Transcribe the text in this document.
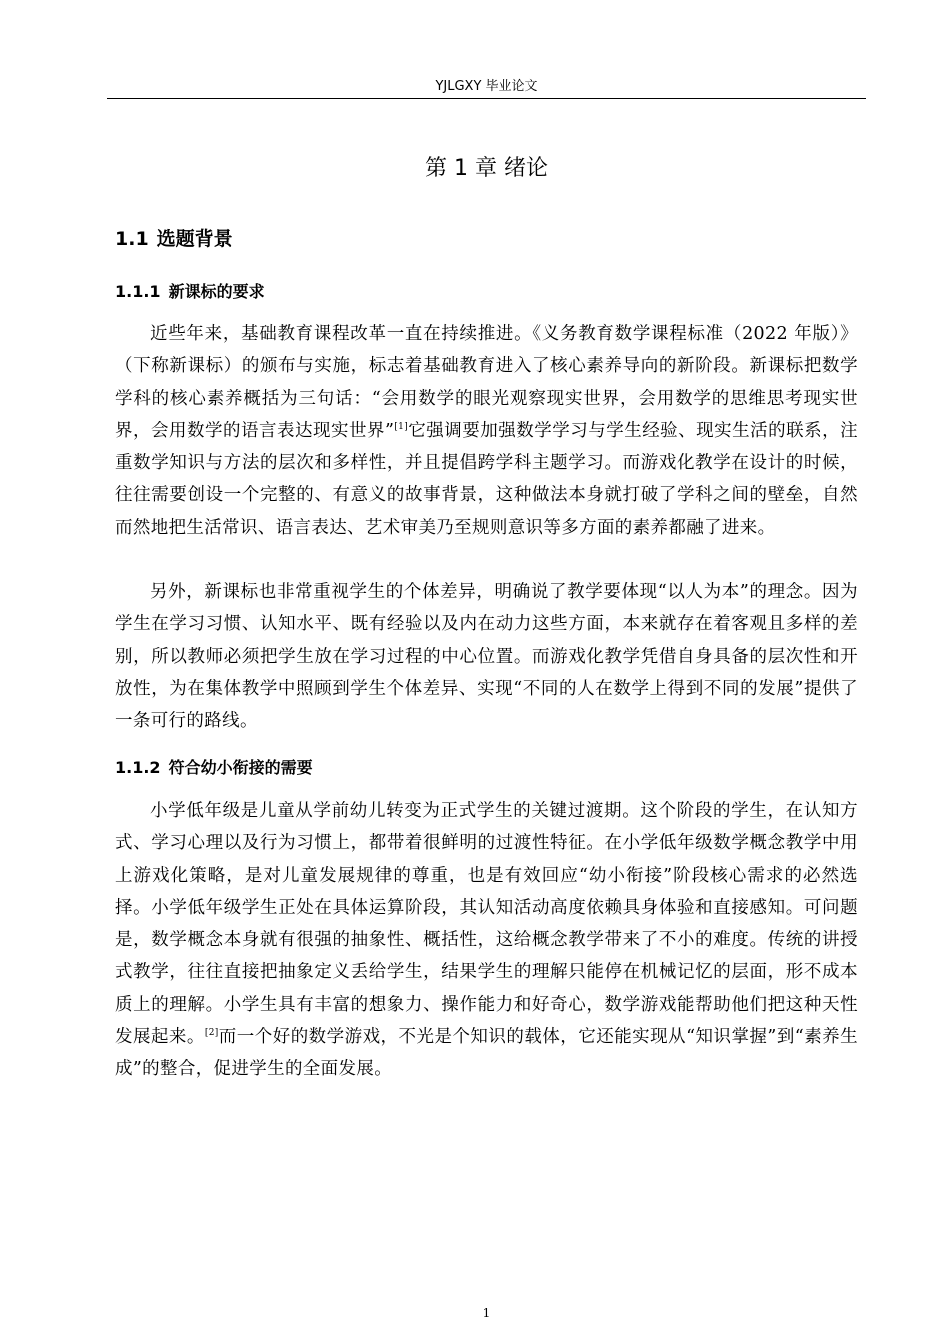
YJLGXY 毕业论文
第 1 章 绪论
1.1 选题背景
1.1.1 新课标的要求

近些年来，基础教育课程改革一直在持续推进。《义务教育数学课程标准（2022 年版）》（下称新课标）的颁布与实施，标志着基础教育进入了核心素养导向的新阶段。新课标把数学学科的核心素养概括为三句话：“会用数学的眼光观察现实世界，会用数学的思维思考现实世界，会用数学的语言表达现实世界”[1]它强调要加强数学学习与学生经验、现实生活的联系，注重数学知识与方法的层次和多样性，并且提倡跨学科主题学习。而游戏化教学在设计的时候，往往需要创设一个完整的、有意义的故事背景，这种做法本身就打破了学科之间的壁垒，自然而然地把生活常识、语言表达、艺术审美乃至规则意识等多方面的素养都融了进来。

另外，新课标也非常重视学生的个体差异，明确说了教学要体现“以人为本”的理念。因为学生在学习习惯、认知水平、既有经验以及内在动力这些方面，本来就存在着客观且多样的差别，所以教师必须把学生放在学习过程的中心位置。而游戏化教学凭借自身具备的层次性和开放性，为在集体教学中照顾到学生个体差异、实现“不同的人在数学上得到不同的发展”提供了一条可行的路线。

1.1.2 符合幼小衔接的需要

小学低年级是儿童从学前幼儿转变为正式学生的关键过渡期。这个阶段的学生，在认知方式、学习心理以及行为习惯上，都带着很鲜明的过渡性特征。在小学低年级数学概念教学中用上游戏化策略，是对儿童发展规律的尊重，也是有效回应“幼小衔接”阶段核心需求的必然选择。小学低年级学生正处在具体运算阶段，其认知活动高度依赖具身体验和直接感知。可问题是，数学概念本身就有很强的抽象性、概括性，这给概念教学带来了不小的难度。传统的讲授式教学，往往直接把抽象定义丢给学生，结果学生的理解只能停在机械记忆的层面，形不成本质上的理解。小学生具有丰富的想象力、操作能力和好奇心，数学游戏能帮助他们把这种天性发展起来。[2]而一个好的数学游戏，不光是个知识的载体，它还能实现从“知识掌握”到“素养生成”的整合，促进学生的全面发展。

1
